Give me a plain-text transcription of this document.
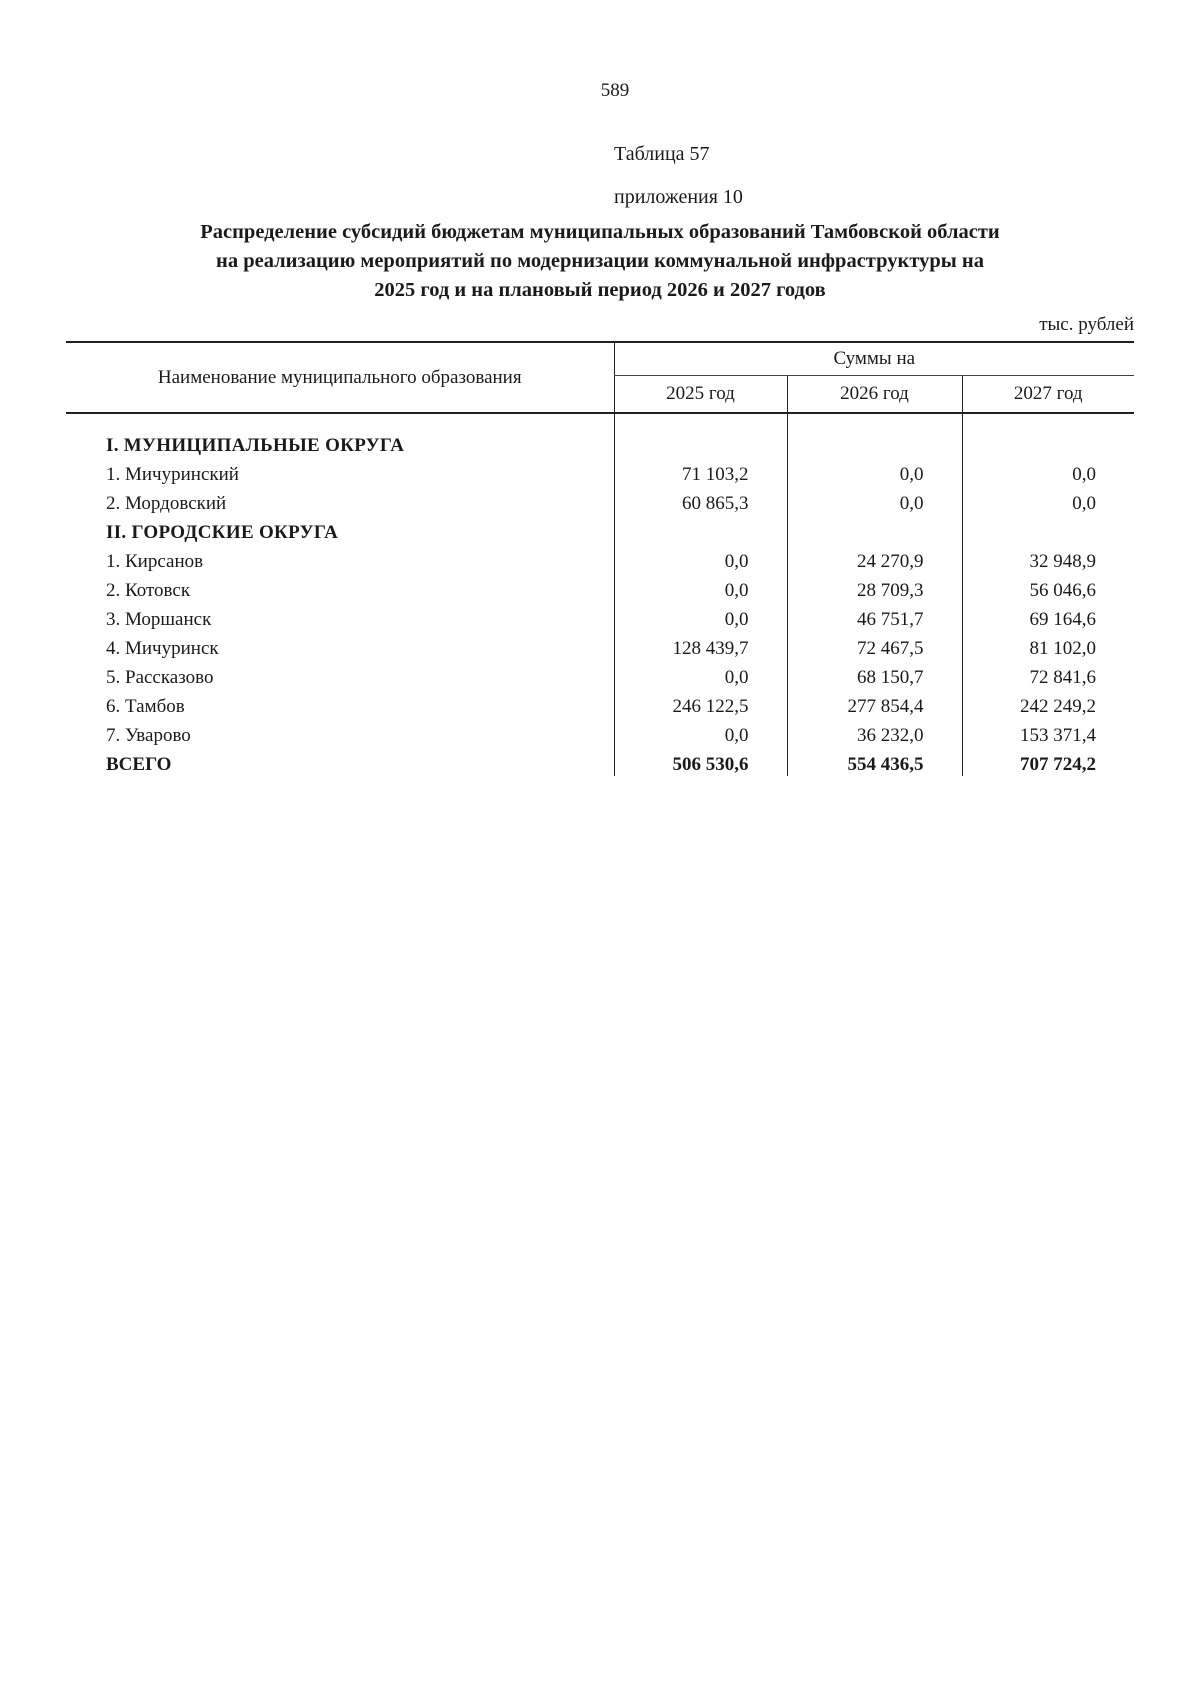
589
Таблица 57
приложения 10
Распределение субсидий бюджетам муниципальных образований Тамбовской области
на реализацию мероприятий по модернизации коммунальной инфраструктуры на
2025 год и на плановый период 2026 и 2027 годов
тыс. рублей
Наименование муниципального образования	Суммы на		
	2025 год	2026 год	2027 год

I. МУНИЦИПАЛЬНЫЕ ОКРУГА			
1. Мичуринский	71 103,2	0,0	0,0
2. Мордовский	60 865,3	0,0	0,0
II. ГОРОДСКИЕ ОКРУГА			
1. Кирсанов	0,0	24 270,9	32 948,9
2. Котовск	0,0	28 709,3	56 046,6
3. Моршанск	0,0	46 751,7	69 164,6
4. Мичуринск	128 439,7	72 467,5	81 102,0
5. Рассказово	0,0	68 150,7	72 841,6
6. Тамбов	246 122,5	277 854,4	242 249,2
7. Уварово	0,0	36 232,0	153 371,4
ВСЕГО	506 530,6	554 436,5	707 724,2
